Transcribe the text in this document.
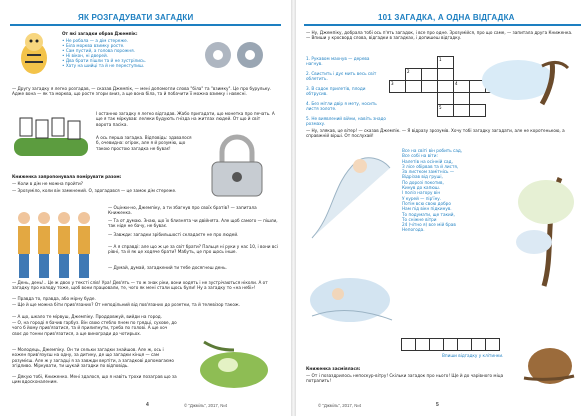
ЯК РОЗГАДУВАТИ ЗАГАДКИ
От які загадки обрав Джемпік:
• Не робала — а дім стереже.
• Біла морква взимку росте.
• Сам пустий, а голова порожня.
• Ні вікон, ні дверей.
• Два брати пішли та й не зустрілись.
• Хату на шийці та й не переступиш.
— Другу загадку я легко розгадав, — сказав Джемпік, — мені допомогли слова "біла" та "взимку". Це про бурульку. Адже вона — як та морква, що росте згори вниз, а ще вона біла, та й побачити її можна взимку і навесні.
І останню загадку я легко відгадав. Жабо пригадати, що монетка про печать. А ще я так міркував: лелеки будують гнізда на житлах людей. От що й світ ворота пасіка.
А ось перша загадка. Відповідь: здавалося б, очевидна: огірок, але я й розумію, що такою простою загадка не буває!
Книженка запропонувала помірувати разом:
— Коли в дім не можна пройти?
— Зрозуміло, коли він замкнений. О, здогадався — це замок дім стереже.
— Оцінки-но, Джемпіку, а ти збагнув про своїх братів? — запитала Книженка.
— Та от думаю. Знаю, що їх близнята чи двійнята. Але щоб самого — пішли, так ніде не бачу, не буває.
— Завжди: загадки зрібильшості складаєте не про людей.
— А я справді: але що ж це за світ брати? Пальця ні руки у нас 10, і вони всі рівні, та й як це ходяче брати? Мабуть, це про щось інше.
— Думай, думай, загадкений ти тебе досягнеш день.
— День, день!.. Це ж двох у тексті слів! Ура! Дев'ять — то ж знак ріки, вони ходять і не зустрічаються ніколи. А от загадку про колоду тоже, щоб вони працювали, те, чого як мені стали щось були! Ну а загадку то «на небі»!
— Правда то, правда, або мірну буде.
— Ще й ще можна біти прив'язаних? От неподільний від пов'язаних до розетки, та й телевізор також.
— А що, шкало те мірвуш, Джемпіку. Проддовжуй, вийди на город.
— О, на городі я бачив гарбуз. Він свою стебло пнем по грядці, сухове, до чого б йому прив'язатися, та й прилипнути, треба по голові. А ще хоч своє до тонни прив'язатися, а ще виногради до чотирьох.
— Молодець, Джемпіку. Он ти сельки загадки знайшов. Але ж, ось і кожен прив'язуєш на одну, за дитину, де що загадки кінця — сам розумієш. Але ж у загадці я за завжди вертіти, а загадкові допомагаємо згідливо. Міркувати, ти шукай загадки по відповідь.
— Дякую тобі, Книженко. Мені здалося, що я навіть трохи позаграв що за цим вдосконаленим.
4	© "Джміль", 2017, №4
101 ЗАГАДКА, А ОДНА ВІДГАДКА
— Ну, Джемпіку, добрала тобі ось п'ять загадок, і все про одне. Зрозумійся, про що саме, — запитала друга Книженка. — Впиши у кросворд слова, відгадки в загадках, і допишеш відгадку.
1. Рукавом махнув — дерева нагнув.
2. Свистить і дує мить весь світ облетить.
3. В садок прилетів, плоди обтрусив.
4. Без мітли двір я мету, носить листя золоте.
5. Не виявлений війни, навіть знадо розмаху.
			1			
	2					
3				4		

			5			
— Ну, злякав, це вітер! — сказав Джемпік. — Я відразу зрозумів. Хочу тобі загадку загадати, але не коротенькою, а справжній вірші. От послухай!
Все на світі він робить сад,
Все собі на віти:
Налетів на осінній сад,
З лісе обірвав та й листя,
За листком замітнісь —
Відрізав від груші,
По дорозі покотив,
Кинув до капюш.
І поліз нагору він
У курей — пір'їну.
Потім всю свою добро
Нам під вікн підкинув.
То подумати, ще такий,
То сніжне вітри
24 (чітно я) все мій брав
Непогода.
Впиши відгадку у клітинки.
Книженка засміялася:
— От і позаздрилось непоскур-вітру! Скільки загадок про нього! Ще й до чарівного міца потрапить!
© "Джміль", 2017, №4	5
